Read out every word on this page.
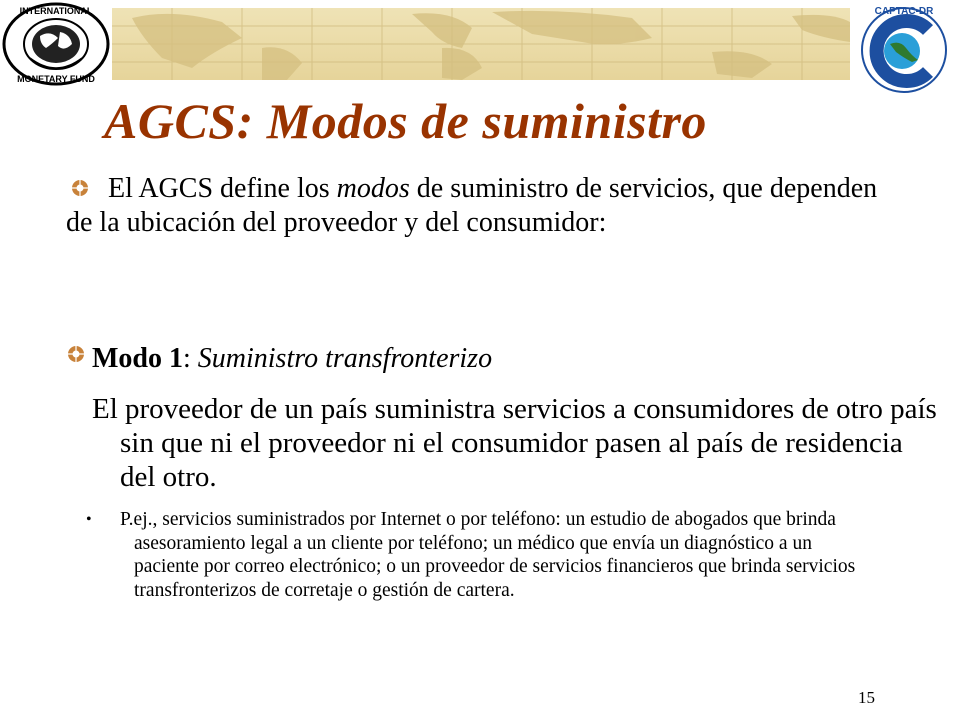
INTERNATIONAL
MONETARY FUND
CAPTAC-DR
AGCS: Modos de suministro

El AGCS define los modos de suministro de servicios, que dependen de la ubicación del proveedor y del consumidor:

Modo 1: Suministro transfronterizo

El proveedor de un país suministra servicios a consumidores de otro país sin que ni el proveedor ni el consumidor pasen al país de residencia del otro.

• P.ej., servicios suministrados por Internet o por teléfono: un estudio de abogados que brinda asesoramiento legal a un cliente por teléfono; un médico que envía un diagnóstico a un paciente por correo electrónico; o un proveedor de servicios financieros que brinda servicios transfronterizos de corretaje o gestión de cartera.
15
